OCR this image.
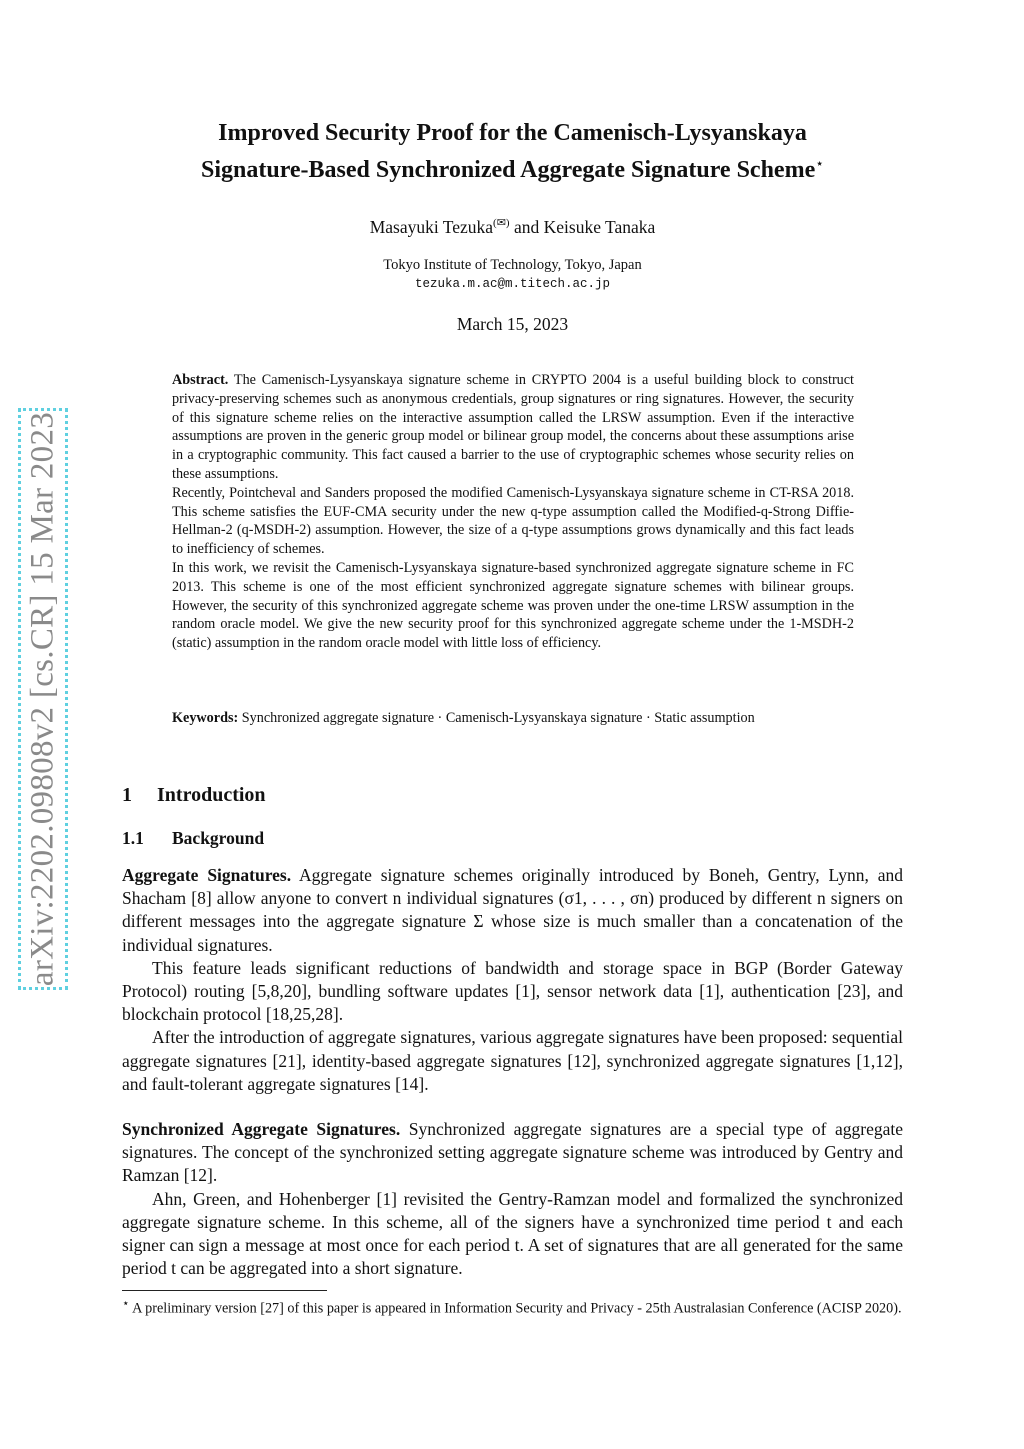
arXiv:2202.09808v2 [cs.CR] 15 Mar 2023
Improved Security Proof for the Camenisch-Lysyanskaya
Signature-Based Synchronized Aggregate Signature Scheme⋆
Masayuki Tezuka(✉) and Keisuke Tanaka
Tokyo Institute of Technology, Tokyo, Japan
tezuka.m.ac@m.titech.ac.jp
March 15, 2023

Abstract. The Camenisch-Lysyanskaya signature scheme in CRYPTO 2004 is a useful building block to construct privacy-preserving schemes such as anonymous credentials, group signatures or ring signatures. However, the security of this signature scheme relies on the interactive assumption called the LRSW assumption. Even if the interactive assumptions are proven in the generic group model or bilinear group model, the concerns about these assumptions arise in a cryptographic community. This fact caused a barrier to the use of cryptographic schemes whose security relies on these assumptions.

Recently, Pointcheval and Sanders proposed the modified Camenisch-Lysyanskaya signature scheme in CT-RSA 2018. This scheme satisfies the EUF-CMA security under the new q-type assumption called the Modified-q-Strong Diffie-Hellman-2 (q-MSDH-2) assumption. However, the size of a q-type assumptions grows dynamically and this fact leads to inefficiency of schemes.

In this work, we revisit the Camenisch-Lysyanskaya signature-based synchronized aggregate signature scheme in FC 2013. This scheme is one of the most efficient synchronized aggregate signature schemes with bilinear groups. However, the security of this synchronized aggregate scheme was proven under the one-time LRSW assumption in the random oracle model. We give the new security proof for this synchronized aggregate scheme under the 1-MSDH-2 (static) assumption in the random oracle model with little loss of efficiency.

Keywords: Synchronized aggregate signature · Camenisch-Lysyanskaya signature · Static assumption
1 Introduction
1.1 Background

Aggregate Signatures. Aggregate signature schemes originally introduced by Boneh, Gentry, Lynn, and Shacham [8] allow anyone to convert n individual signatures (σ1, . . . , σn) produced by different n signers on different messages into the aggregate signature Σ whose size is much smaller than a concatenation of the individual signatures.

This feature leads significant reductions of bandwidth and storage space in BGP (Border Gateway Protocol) routing [5,8,20], bundling software updates [1], sensor network data [1], authentication [23], and blockchain protocol [18,25,28].

After the introduction of aggregate signatures, various aggregate signatures have been proposed: sequential aggregate signatures [21], identity-based aggregate signatures [12], synchronized aggregate signatures [1,12], and fault-tolerant aggregate signatures [14].

Synchronized Aggregate Signatures. Synchronized aggregate signatures are a special type of aggregate signatures. The concept of the synchronized setting aggregate signature scheme was introduced by Gentry and Ramzan [12].

Ahn, Green, and Hohenberger [1] revisited the Gentry-Ramzan model and formalized the synchronized aggregate signature scheme. In this scheme, all of the signers have a synchronized time period t and each signer can sign a message at most once for each period t. A set of signatures that are all generated for the same period t can be aggregated into a short signature.

⋆ A preliminary version [27] of this paper is appeared in Information Security and Privacy - 25th Australasian Conference (ACISP 2020).
